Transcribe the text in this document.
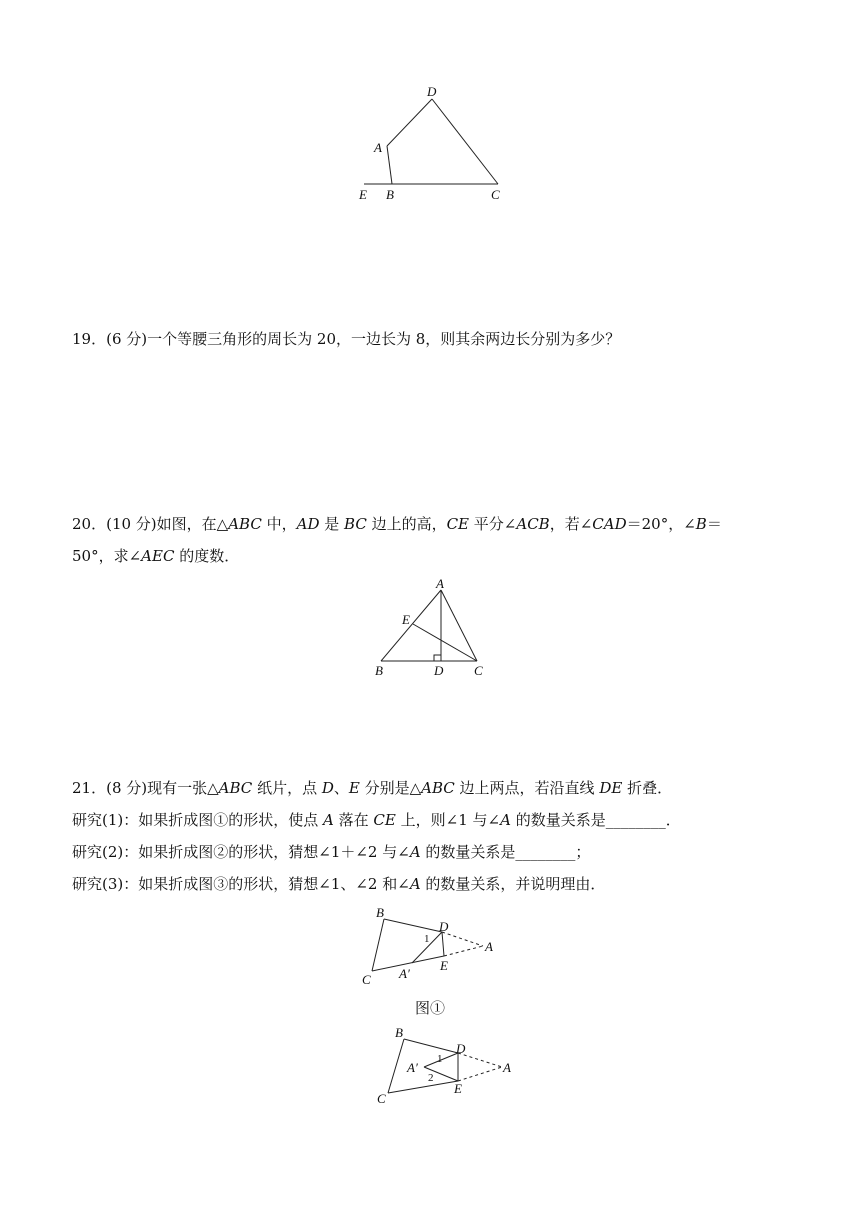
D
A
E B	C
19．(6 分)一个等腰三角形的周长为 20，一边长为 8，则其余两边长分别为多少？
20．(10 分)如图，在△ABC 中，AD 是 BC 边上的高，CE 平分∠ACB，若∠CAD＝20°，∠B＝
50°，求∠AEC 的度数．
A
E
B	D C
21．(8 分)现有一张△ABC 纸片，点 D、E 分别是△ABC 边上两点，若沿直线 DE 折叠．
研究(1)：如果折成图①的形状，使点 A 落在 CE 上，则∠1 与∠A 的数量关系是________．
研究(2)：如果折成图②的形状，猜想∠1＋∠2 与∠A 的数量关系是________；
研究(3)：如果折成图③的形状，猜想∠1、∠2 和∠A 的数量关系，并说明理由．
B
D
A
1
A′
E
C
图①
B
D
A
1
A′
2
E
C
